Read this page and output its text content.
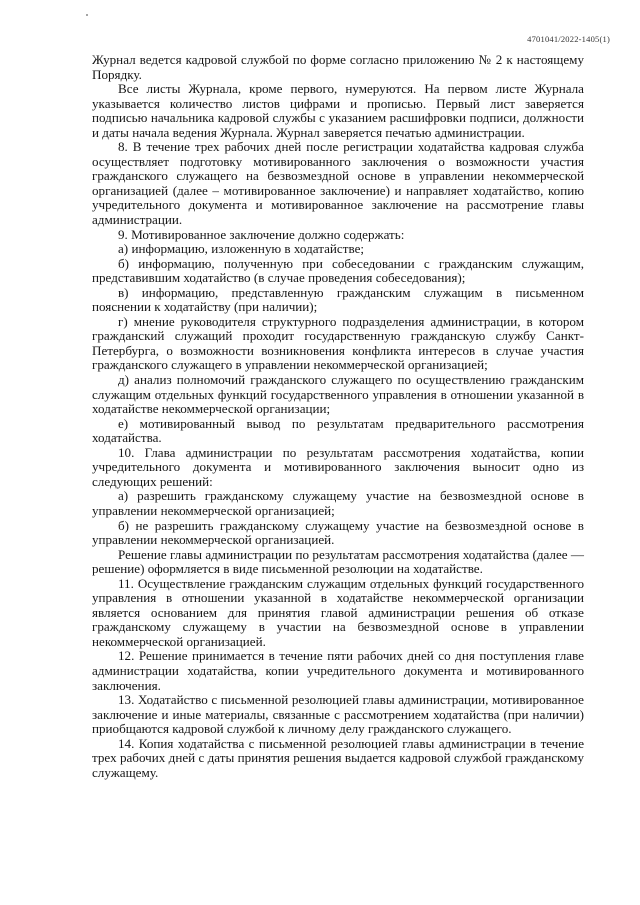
4701041/2022-1405(1)

Журнал ведется кадровой службой по форме согласно приложению № 2 к настоящему Порядку.

Все листы Журнала, кроме первого, нумеруются. На первом листе Журнала указывается количество листов цифрами и прописью. Первый лист заверяется подписью начальника кадровой службы с указанием расшифровки подписи, должности и даты начала ведения Журнала. Журнал заверяется печатью администрации.

8. В течение трех рабочих дней после регистрации ходатайства кадровая служба осуществляет подготовку мотивированного заключения о возможности участия гражданского служащего на безвозмездной основе в управлении некоммерческой организацией (далее – мотивированное заключение) и направляет ходатайство, копию учредительного документа и мотивированное заключение на рассмотрение главы администрации.

9. Мотивированное заключение должно содержать:

а) информацию, изложенную в ходатайстве;

б) информацию, полученную при собеседовании с гражданским служащим, представившим ходатайство (в случае проведения собеседования);

в) информацию, представленную гражданским служащим в письменном пояснении к ходатайству (при наличии);

г) мнение руководителя структурного подразделения администрации, в котором гражданский служащий проходит государственную гражданскую службу Санкт-Петербурга, о возможности возникновения конфликта интересов в случае участия гражданского служащего в управлении некоммерческой организацией;

д) анализ полномочий гражданского служащего по осуществлению гражданским служащим отдельных функций государственного управления в отношении указанной в ходатайстве некоммерческой организации;

е) мотивированный вывод по результатам предварительного рассмотрения ходатайства.

10. Глава администрации по результатам рассмотрения ходатайства, копии учредительного документа и мотивированного заключения выносит одно из следующих решений:

а) разрешить гражданскому служащему участие на безвозмездной основе в управлении некоммерческой организацией;

б) не разрешить гражданскому служащему участие на безвозмездной основе в управлении некоммерческой организацией.

Решение главы администрации по результатам рассмотрения ходатайства (далее — решение) оформляется в виде письменной резолюции на ходатайстве.

11. Осуществление гражданским служащим отдельных функций государственного управления в отношении указанной в ходатайстве некоммерческой организации является основанием для принятия главой администрации решения об отказе гражданскому служащему в участии на безвозмездной основе в управлении некоммерческой организацией.

12. Решение принимается в течение пяти рабочих дней со дня поступления главе администрации ходатайства, копии учредительного документа и мотивированного заключения.

13. Ходатайство с письменной резолюцией главы администрации, мотивированное заключение и иные материалы, связанные с рассмотрением ходатайства (при наличии) приобщаются кадровой службой к личному делу гражданского служащего.

14. Копия ходатайства с письменной резолюцией главы администрации в течение трех рабочих дней с даты принятия решения выдается кадровой службой гражданскому служащему.
